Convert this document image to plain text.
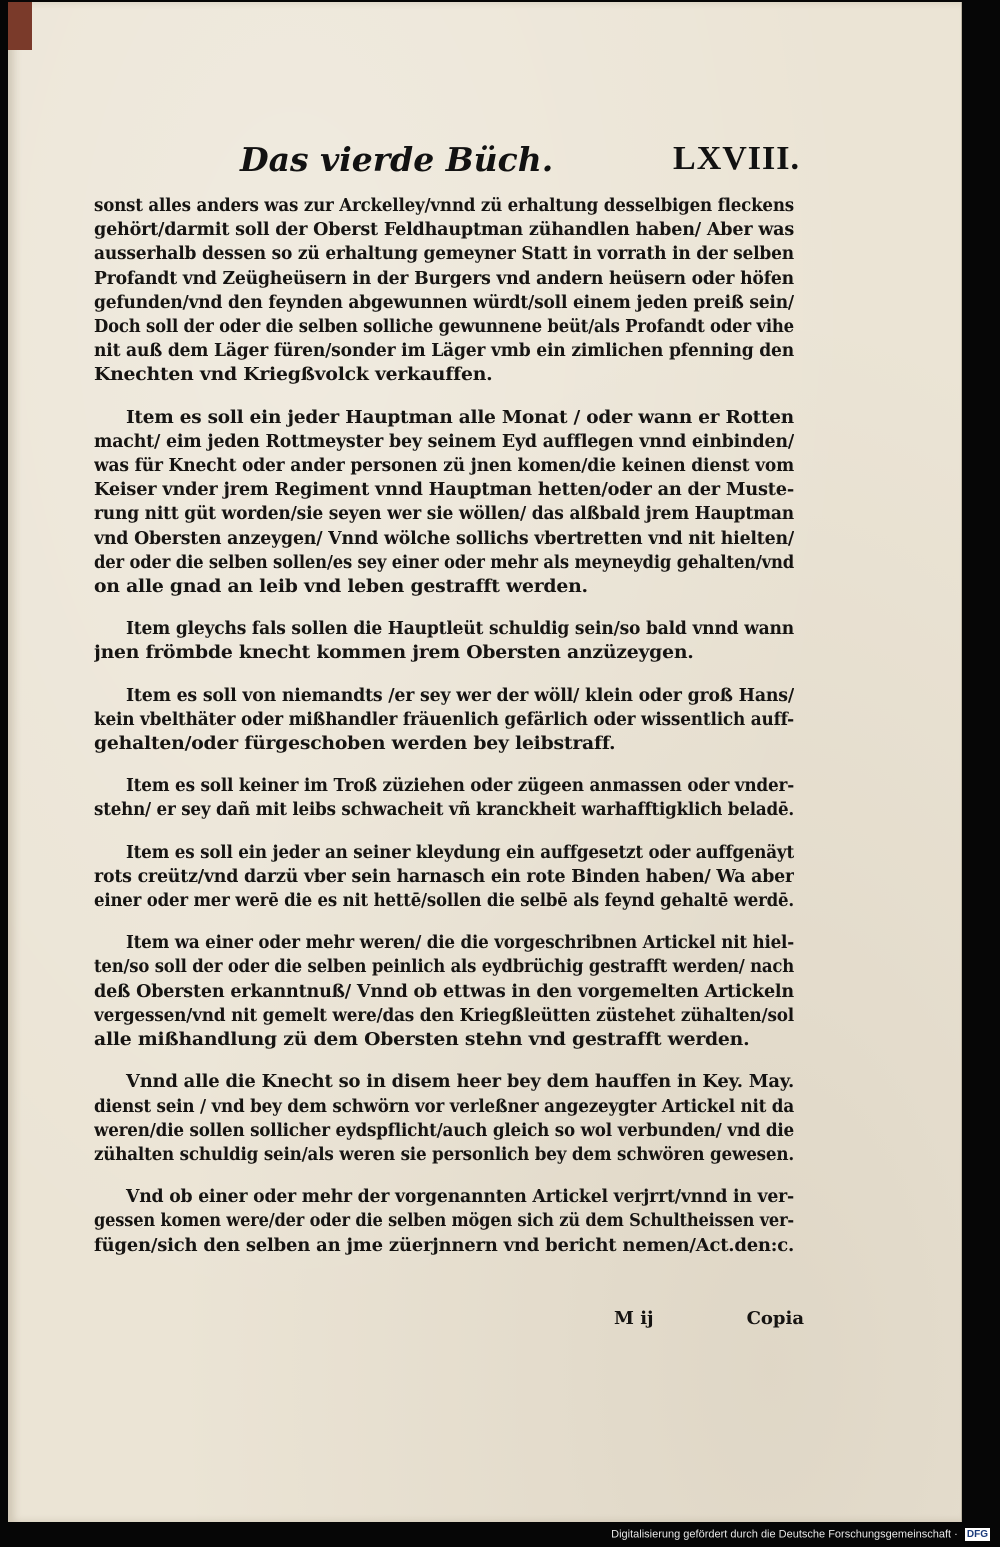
Das vierde Büch.	LXVIII.
sonst alles anders was zur Arckelley/vnnd zü erhaltung desselbigen fleckens
gehört/darmit soll der Oberst Feldhauptman zühandlen haben/ Aber was
ausserhalb dessen so zü erhaltung gemeyner Statt in vorrath in der selben
Profandt vnd Zeügheüsern in der Burgers vnd andern heüsern oder höfen
gefunden/vnd den feynden abgewunnen würdt/soll einem jeden preiß sein/
Doch soll der oder die selben solliche gewunnene beüt/als Profandt oder vihe
nit auß dem Läger füren/sonder im Läger vmb ein zimlichen pfenning den
Knechten vnd Kriegßvolck verkauffen.
Item es soll ein jeder Hauptman alle Monat / oder wann er Rotten
macht/ eim jeden Rottmeyster bey seinem Eyd aufflegen vnnd einbinden/
was für Knecht oder ander personen zü jnen komen/die keinen dienst vom
Keiser vnder jrem Regiment vnnd Hauptman hetten/oder an der Muste-
rung nitt güt worden/sie seyen wer sie wöllen/ das alßbald jrem Hauptman
vnd Obersten anzeygen/ Vnnd wölche sollichs vbertretten vnd nit hielten/
der oder die selben sollen/es sey einer oder mehr als meyneydig gehalten/vnd
on alle gnad an leib vnd leben gestrafft werden.
Item gleychs fals sollen die Hauptleüt schuldig sein/so bald vnnd wann
jnen frömbde knecht kommen jrem Obersten anzüzeygen.
Item es soll von niemandts /er sey wer der wöll/ klein oder groß Hans/
kein vbelthäter oder mißhandler fräuenlich gefärlich oder wissentlich auff-
gehalten/oder fürgeschoben werden bey leibstraff.
Item es soll keiner im Troß züziehen oder zügeen anmassen oder vnder-
stehn/ er sey dañ mit leibs schwacheit vñ kranckheit warhafftigklich beladē.
Item es soll ein jeder an seiner kleydung ein auffgesetzt oder auffgenäyt
rots creütz/vnd darzü vber sein harnasch ein rote Binden haben/ Wa aber
einer oder mer werē die es nit hettē/sollen die selbē als feynd gehaltē werdē.
Item wa einer oder mehr weren/ die die vorgeschribnen Artickel nit hiel-
ten/so soll der oder die selben peinlich als eydbrüchig gestrafft werden/ nach
deß Obersten erkanntnuß/ Vnnd ob ettwas in den vorgemelten Artickeln
vergessen/vnd nit gemelt were/das den Kriegßleütten züstehet zühalten/sol
alle mißhandlung zü dem Obersten stehn vnd gestrafft werden.
Vnnd alle die Knecht so in disem heer bey dem hauffen in Key. May.
dienst sein / vnd bey dem schwörn vor verleßner angezeygter Artickel nit da
weren/die sollen sollicher eydspflicht/auch gleich so wol verbunden/ vnd die
zühalten schuldig sein/als weren sie personlich bey dem schwören gewesen.
Vnd ob einer oder mehr der vorgenannten Artickel verjrrt/vnnd in ver-
gessen komen were/der oder die selben mögen sich zü dem Schultheissen ver-
fügen/sich den selben an jme züerjnnern vnd bericht nemen/Act.den:c.
M ij	Copia
Digitalisierung gefördert durch die Deutsche Forschungsgemeinschaft · DFG
